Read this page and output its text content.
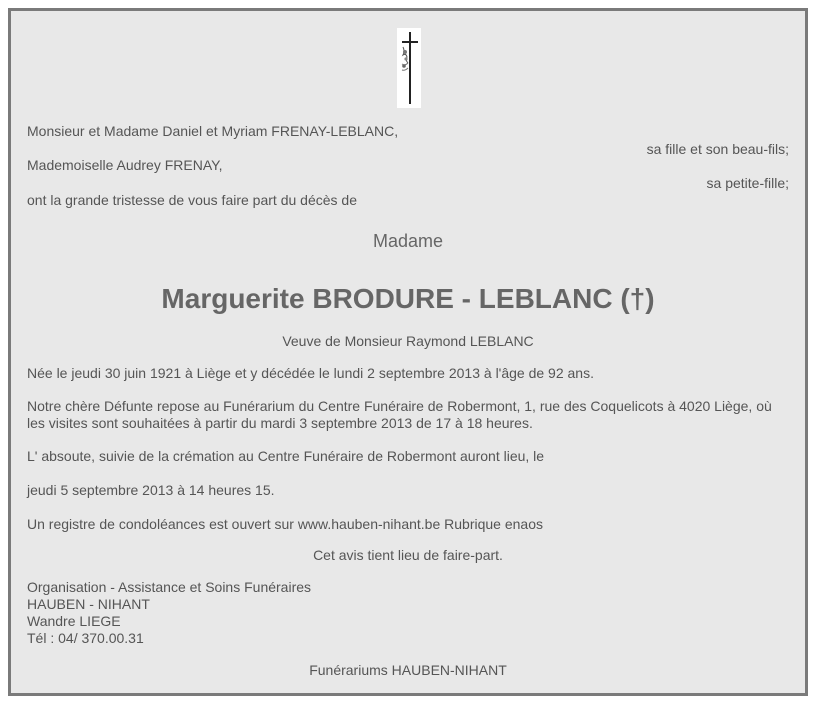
Monsieur et Madame Daniel et Myriam FRENAY-LEBLANC,
sa fille et son beau-fils;
Mademoiselle Audrey FRENAY,
sa petite-fille;
ont la grande tristesse de vous faire part du décès de
Madame
Marguerite BRODURE - LEBLANC (†)
Veuve de Monsieur Raymond LEBLANC
Née le jeudi 30 juin 1921 à Liège et y décédée le lundi 2 septembre 2013 à l'âge de 92 ans.
Notre chère Défunte repose au Funérarium du Centre Funéraire de Robermont, 1, rue des Coquelicots à 4020 Liège, où les visites sont souhaitées à partir du mardi 3 septembre 2013 de 17 à 18 heures.
L' absoute, suivie de la crémation au Centre Funéraire de Robermont auront lieu, le
jeudi 5 septembre 2013 à 14 heures 15.
Un registre de condoléances est ouvert sur www.hauben-nihant.be Rubrique enaos
Cet avis tient lieu de faire-part.
Organisation - Assistance et Soins Funéraires
HAUBEN - NIHANT
Wandre LIEGE
Tél : 04/ 370.00.31
Funérariums HAUBEN-NIHANT
